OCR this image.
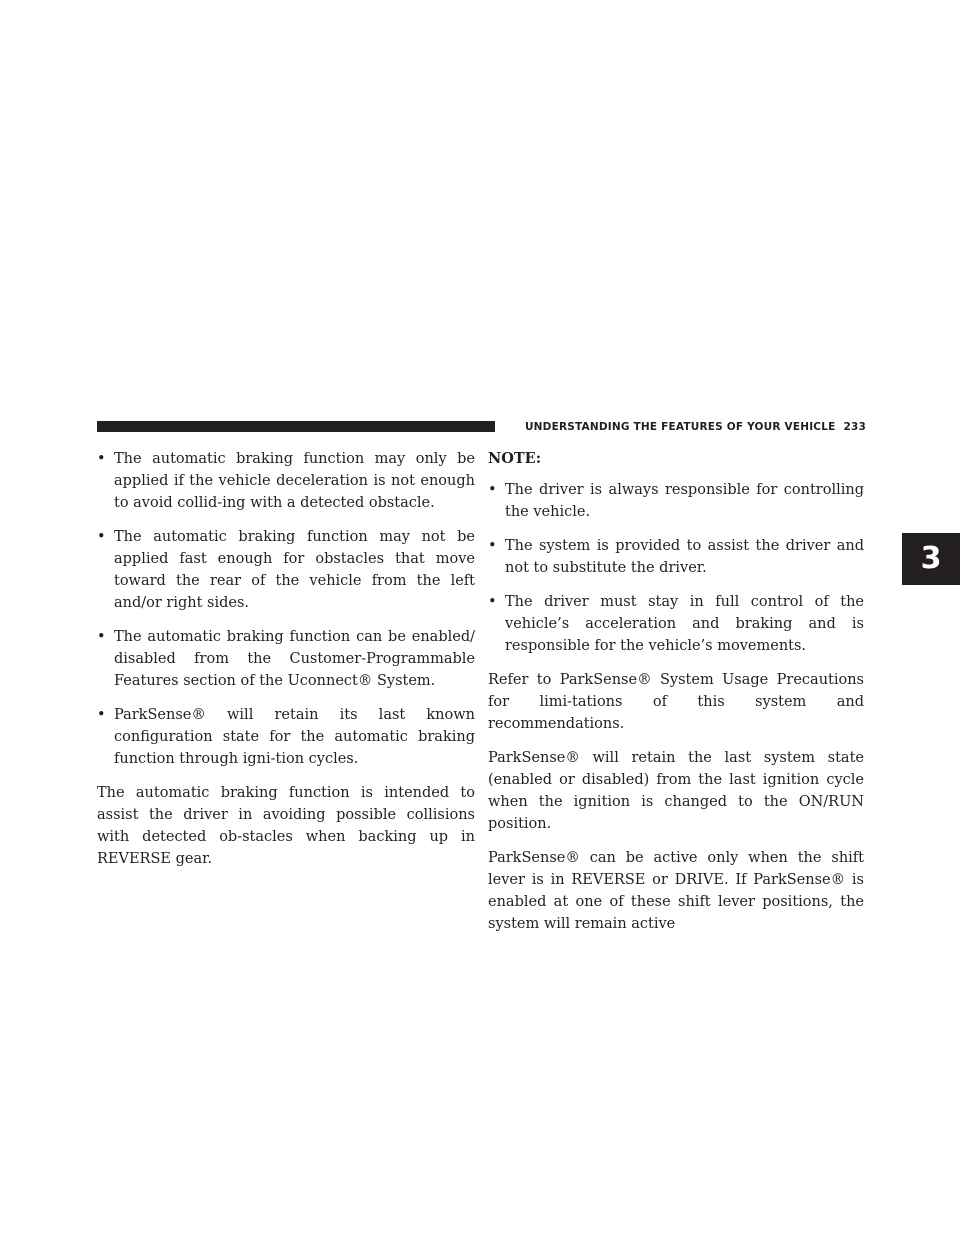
UNDERSTANDING THE FEATURES OF YOUR VEHICLE 233
3
• The automatic braking function may only be applied if the vehicle deceleration is not enough to avoid collid-ing with a detected obstacle.
• The automatic braking function may not be applied fast enough for obstacles that move toward the rear of the vehicle from the left and/or right sides.
• The automatic braking function can be enabled/ disabled from the Customer-Programmable Features section of the Uconnect® System.
• ParkSense® will retain its last known configuration state for the automatic braking function through igni-tion cycles.

The automatic braking function is intended to assist the driver in avoiding possible collisions with detected ob-stacles when backing up in REVERSE gear.

NOTE:

• The driver is always responsible for controlling the vehicle.
• The system is provided to assist the driver and not to substitute the driver.
• The driver must stay in full control of the vehicle’s acceleration and braking and is responsible for the vehicle’s movements.

Refer to ParkSense® System Usage Precautions for limi-tations of this system and recommendations.

ParkSense® will retain the last system state (enabled or disabled) from the last ignition cycle when the ignition is changed to the ON/RUN position.

ParkSense® can be active only when the shift lever is in REVERSE or DRIVE. If ParkSense® is enabled at one of these shift lever positions, the system will remain active
